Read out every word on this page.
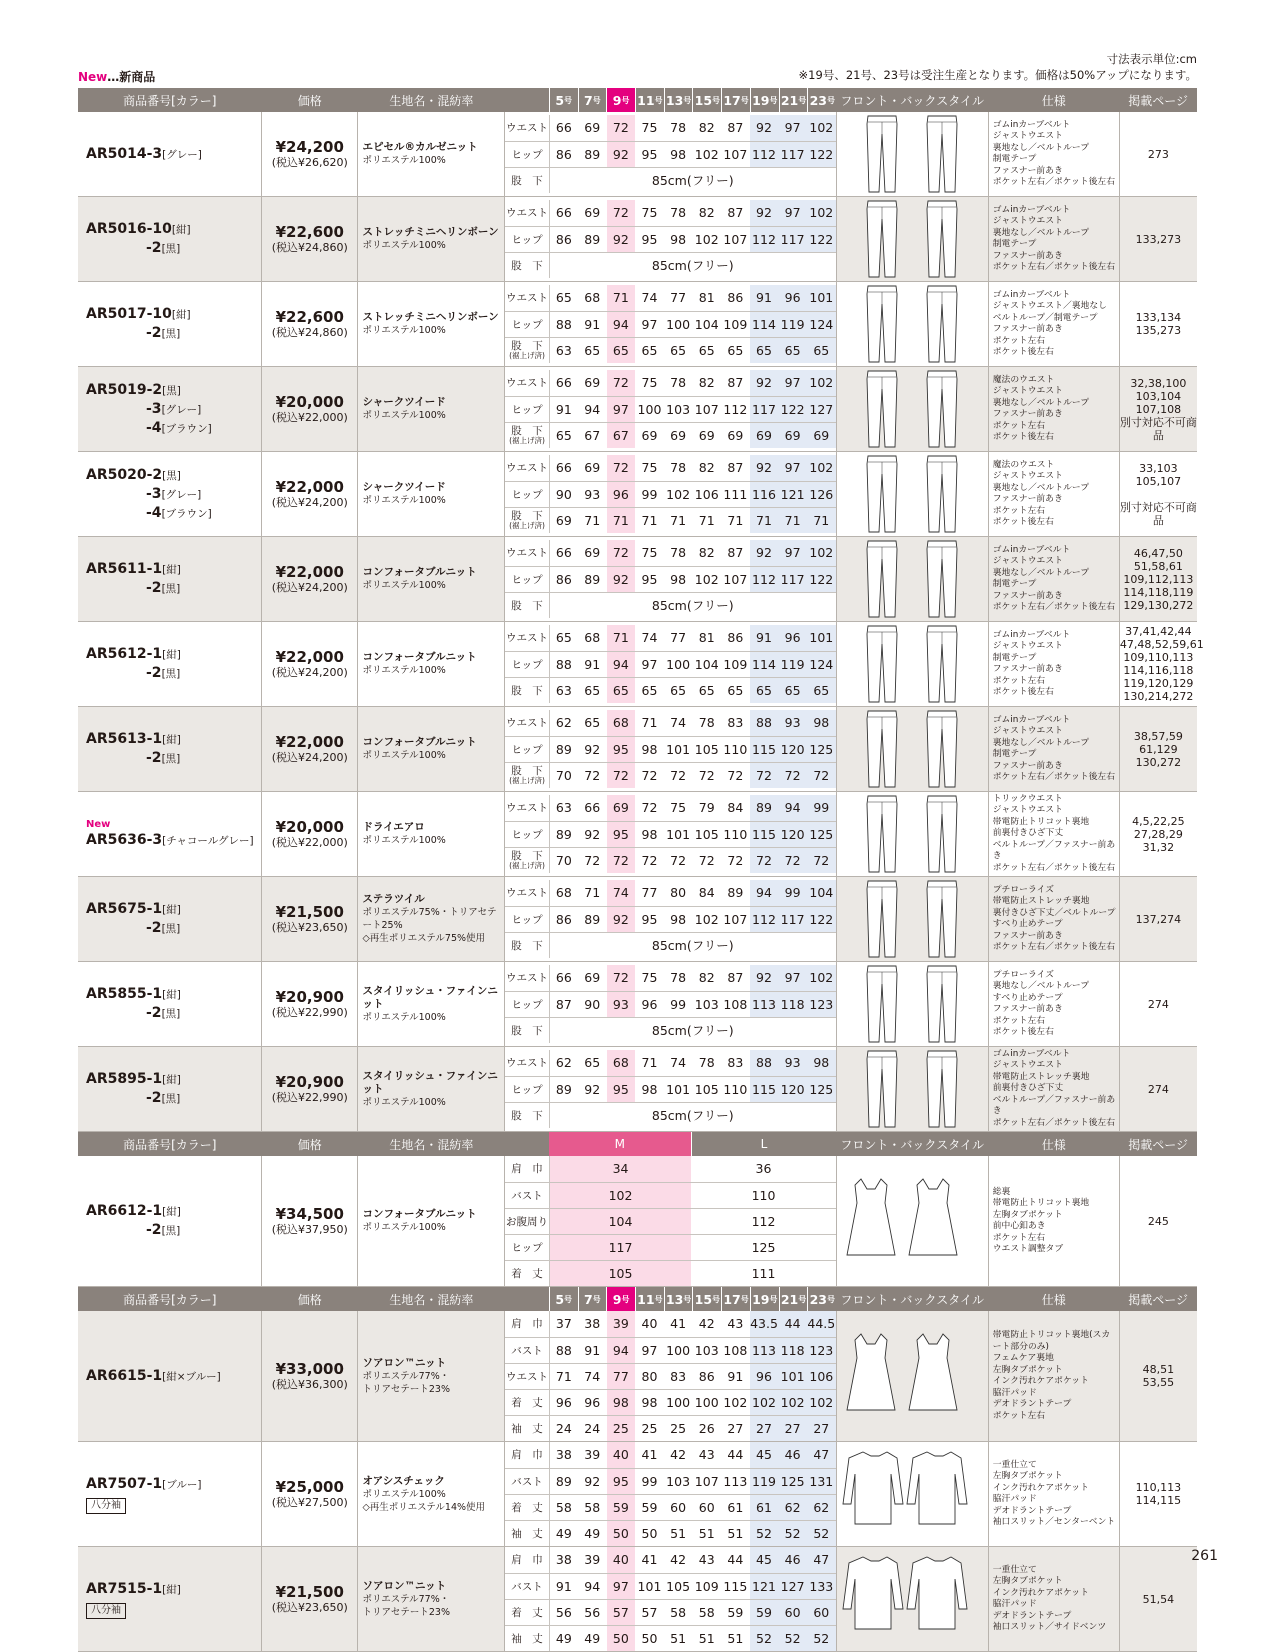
寸法表示単位:cm
※19号、21号、23号は受注生産となります。価格は50%アップになります。
New…新商品
商品番号[カラー]	価格	生地名・混紡率	5 号 7 号 9 号 11 号 13 号 15 号 17 号 19 号 21 号 23 号	フロント・バックスタイル	仕様	掲載ページ

AR5014-3[グレー]	¥24,200
(税込¥26,620)
	エピセル®カルゼニット
ポリエステル100%	
ウエスト	66	69	72	75	78	82	87	92	97	102
ヒップ	86	89	92	95	98	102	107	112	117	122
股　下	85cm(フリー)
		ゴムinカーブベルト
ジャストウエスト
裏地なし／ベルトループ
制電テープ
ファスナー前あき
ポケット左右／ポケット後左右	273

AR5016-10[紺]
-2[黒]

¥22,600
(税込¥24,860)
	ストレッチミニヘリンボーン
ポリエステル100%	
ウエスト	66	69	72	75	78	82	87	92	97	102
ヒップ	86	89	92	95	98	102	107	112	117	122
股　下	85cm(フリー)
		ゴムinカーブベルト
ジャストウエスト
裏地なし／ベルトループ
制電テープ
ファスナー前あき
ポケット左右／ポケット後左右	133,273

AR5017-10[紺]
-2[黒]

¥22,600
(税込¥24,860)
	ストレッチミニヘリンボーン
ポリエステル100%	
ウエスト	65	68	71	74	77	81	86	91	96	101
ヒップ	88	91	94	97	100	104	109	114	119	124

股　下
(裾上げ済)	63	65	65	65	65	65	65	65	65	65
		ゴムinカーブベルト
ジャストウエスト／裏地なし
ベルトループ／制電テープ
ファスナー前あき
ポケット左右
ポケット後左右	133,134
135,273

AR5019-2[黒]
-3[グレー]
-4[ブラウン]

¥20,000
(税込¥22,000)
	シャークツイード
ポリエステル100%	
ウエスト	66	69	72	75	78	82	87	92	97	102
ヒップ	91	94	97	100	103	107	112	117	122	127

股　下
(裾上げ済)	65	67	67	69	69	69	69	69	69	69
		魔法のウエスト
ジャストウエスト
裏地なし／ベルトループ
ファスナー前あき
ポケット左右
ポケット後左右	32,38,100
103,104
107,108
別寸対応不可商品

AR5020-2[黒]
-3[グレー]
-4[ブラウン]

¥22,000
(税込¥24,200)
	シャークツイード
ポリエステル100%	
ウエスト	66	69	72	75	78	82	87	92	97	102
ヒップ	90	93	96	99	102	106	111	116	121	126

股　下
(裾上げ済)	69	71	71	71	71	71	71	71	71	71
		魔法のウエスト
ジャストウエスト
裏地なし／ベルトループ
ファスナー前あき
ポケット左右
ポケット後左右	33,103
105,107

別寸対応不可商品

AR5611-1[紺]
-2[黒]

¥22,000
(税込¥24,200)
	コンフォータブルニット
ポリエステル100%	
ウエスト	66	69	72	75	78	82	87	92	97	102
ヒップ	86	89	92	95	98	102	107	112	117	122
股　下	85cm(フリー)
		ゴムinカーブベルト
ジャストウエスト
裏地なし／ベルトループ
制電テープ
ファスナー前あき
ポケット左右／ポケット後左右	46,47,50
51,58,61
109,112,113
114,118,119
129,130,272

AR5612-1[紺]
-2[黒]

¥22,000
(税込¥24,200)
	コンフォータブルニット
ポリエステル100%	
ウエスト	65	68	71	74	77	81	86	91	96	101
ヒップ	88	91	94	97	100	104	109	114	119	124
股　下	63	65	65	65	65	65	65	65	65	65
		ゴムinカーブベルト
ジャストウエスト
制電テープ
ファスナー前あき
ポケット左右
ポケット後左右	37,41,42,44
47,48,52,59,61
109,110,113
114,116,118
119,120,129
130,214,272

AR5613-1[紺]
-2[黒]

¥22,000
(税込¥24,200)
	コンフォータブルニット
ポリエステル100%	
ウエスト	62	65	68	71	74	78	83	88	93	98
ヒップ	89	92	95	98	101	105	110	115	120	125

股　下
(裾上げ済)	70	72	72	72	72	72	72	72	72	72
		ゴムinカーブベルト
ジャストウエスト
裏地なし／ベルトループ
制電テープ
ファスナー前あき
ポケット左右／ポケット後左右	38,57,59
61,129
130,272

New
AR5636-3[チャコールグレー]

¥20,000
(税込¥22,000)
	ドライエアロ
ポリエステル100%	
ウエスト	63	66	69	72	75	79	84	89	94	99
ヒップ	89	92	95	98	101	105	110	115	120	125

股　下
(裾上げ済)	70	72	72	72	72	72	72	72	72	72
		トリックウエスト
ジャストウエスト
帯電防止トリコット裏地
前裏付きひざ下丈
ベルトループ／ファスナー前あき
ポケット左右／ポケット後左右	4,5,22,25
27,28,29
31,32

AR5675-1[紺]
-2[黒]

¥21,500
(税込¥23,650)
	ステラツイル
ポリエステル75%・トリアセテート25%
◇再生ポリエステル75%使用	
ウエスト	68	71	74	77	80	84	89	94	99	104
ヒップ	86	89	92	95	98	102	107	112	117	122
股　下	85cm(フリー)
		プチローライズ
帯電防止ストレッチ裏地
裏付きひざ下丈／ベルトループ
すべり止めテープ
ファスナー前あき
ポケット左右／ポケット後左右	137,274

AR5855-1[紺]
-2[黒]

¥20,900
(税込¥22,990)
	スタイリッシュ・ファインニット
ポリエステル100%	
ウエスト	66	69	72	75	78	82	87	92	97	102
ヒップ	87	90	93	96	99	103	108	113	118	123
股　下	85cm(フリー)
		プチローライズ
裏地なし／ベルトループ
すべり止めテープ
ファスナー前あき
ポケット左右
ポケット後左右	274

AR5895-1[紺]
-2[黒]

¥20,900
(税込¥22,990)
	スタイリッシュ・ファインニット
ポリエステル100%	
ウエスト	62	65	68	71	74	78	83	88	93	98
ヒップ	89	92	95	98	101	105	110	115	120	125
股　下	85cm(フリー)
		ゴムinカーブベルト
ジャストウエスト
帯電防止ストレッチ裏地
前裏付きひざ下丈
ベルトループ／ファスナー前あき
ポケット左右／ポケット後左右	274
商品番号[カラー]	価格	生地名・混紡率	M	L	フロント・バックスタイル	仕様	掲載ページ

AR6612-1[紺]
-2[黒]

¥34,500
(税込¥37,950)
	コンフォータブルニット
ポリエステル100%	
肩　巾	34	36
バスト	102	110
お腹周り	104	112
ヒップ	117	125
着　丈	105	111
		総裏
帯電防止トリコット裏地
左胸タブポケット
前中心釦あき
ポケット左右
ウエスト調整タブ	245
商品番号[カラー]	価格	生地名・混紡率	5 号 7 号 9 号 11 号 13 号 15 号 17 号 19 号 21 号 23 号	フロント・バックスタイル	仕様	掲載ページ

AR6615-1[紺×ブルー]	¥33,000
(税込¥36,300)
	ソアロン™ニット
ポリエステル77%・
トリアセテート23%	
肩　巾	37	38	39	40	41	42	43	43.5	44	44.5
バスト	88	91	94	97	100	103	108	113	118	123
ウエスト	71	74	77	80	83	86	91	96	101	106
着　丈	96	96	98	98	100	100	102	102	102	102
袖　丈	24	24	25	25	25	26	27	27	27	27
		帯電防止トリコット裏地(スカート部分のみ)
フェムケア裏地
左胸タブポケット
インク汚れケアポケット
脇汗パッド
デオドラントテープ
ポケット左右	48,51
53,55

AR7507-1[ブルー]
八分袖	
¥25,000
(税込¥27,500)
	オアシスチェック
ポリエステル100%
◇再生ポリエステル14%使用	
肩　巾	38	39	40	41	42	43	44	45	46	47
バスト	89	92	95	99	103	107	113	119	125	131
着　丈	58	58	59	59	60	60	61	61	62	62
袖　丈	49	49	50	50	51	51	51	52	52	52
		一重仕立て
左胸タブポケット
インク汚れケアポケット
脇汗パッド
デオドラントテープ
袖口スリット／センターベント	110,113
114,115

AR7515-1[紺]
八分袖	
¥21,500
(税込¥23,650)
	ソアロン™ニット
ポリエステル77%・
トリアセテート23%	
肩　巾	38	39	40	41	42	43	44	45	46	47
バスト	91	94	97	101	105	109	115	121	127	133
着　丈	56	56	57	57	58	58	59	59	60	60
袖　丈	49	49	50	50	51	51	51	52	52	52
		一重仕立て
左胸タブポケット
インク汚れケアポケット
脇汗パッド
デオドラントテープ
袖口スリット／サイドベンツ	51,54
261
